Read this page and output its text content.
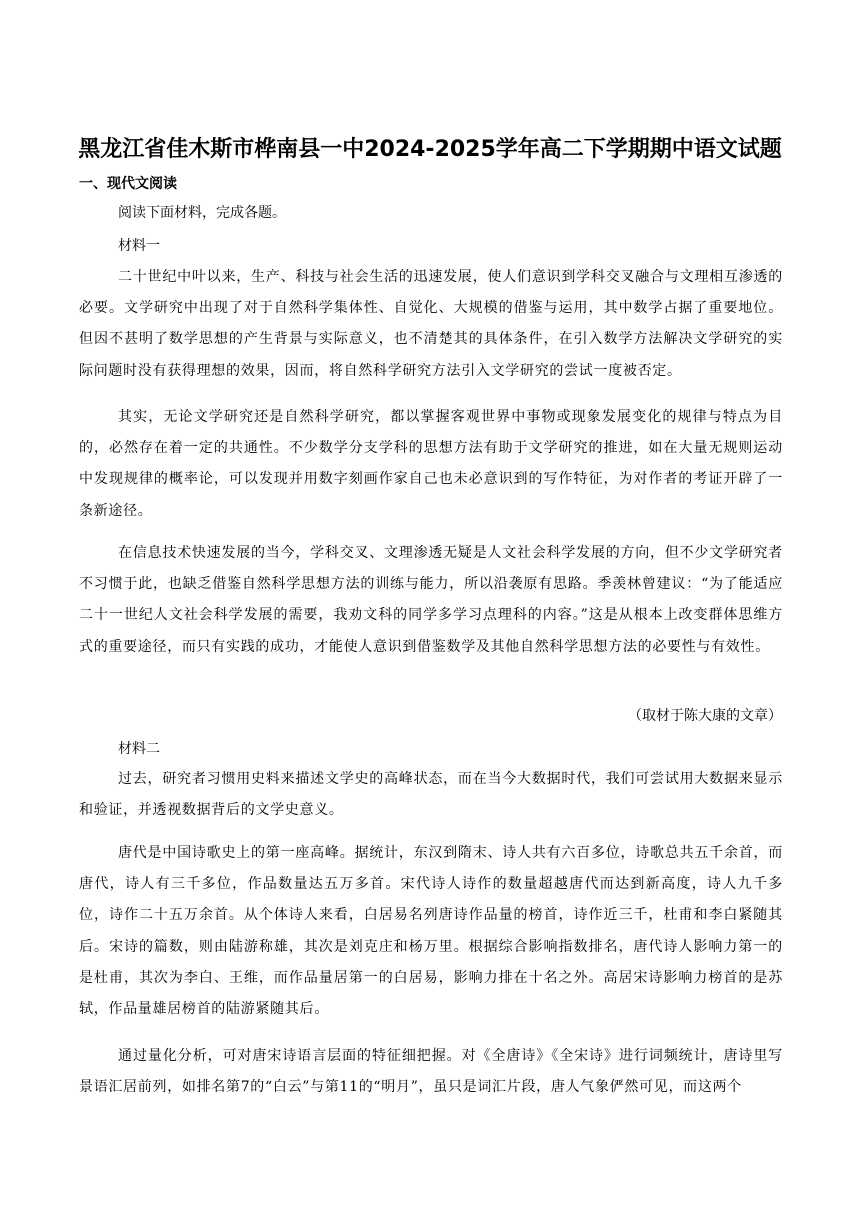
黑龙江省佳木斯市桦南县一中2024-2025学年高二下学期期中语文试题
一、现代文阅读
阅读下面材料，完成各题。
材料一
二十世纪中叶以来，生产、科技与社会生活的迅速发展，使人们意识到学科交叉融合与文理相互渗透的必要。文学研究中出现了对于自然科学集体性、自觉化、大规模的借鉴与运用，其中数学占据了重要地位。但因不甚明了数学思想的产生背景与实际意义，也不清楚其的具体条件，在引入数学方法解决文学研究的实际问题时没有获得理想的效果，因而，将自然科学研究方法引入文学研究的尝试一度被否定。
其实，无论文学研究还是自然科学研究，都以掌握客观世界中事物或现象发展变化的规律与特点为目的，必然存在着一定的共通性。不少数学分支学科的思想方法有助于文学研究的推进，如在大量无规则运动中发现规律的概率论，可以发现并用数字刻画作家自己也未必意识到的写作特征，为对作者的考证开辟了一条新途径。
在信息技术快速发展的当今，学科交叉、文理渗透无疑是人文社会科学发展的方向，但不少文学研究者不习惯于此，也缺乏借鉴自然科学思想方法的训练与能力，所以沿袭原有思路。季羡林曾建议：“为了能适应二十一世纪人文社会科学发展的需要，我劝文科的同学多学习点理科的内容。”这是从根本上改变群体思维方式的重要途径，而只有实践的成功，才能使人意识到借鉴数学及其他自然科学思想方法的必要性与有效性。
（取材于陈大康的文章）
材料二
过去，研究者习惯用史料来描述文学史的高峰状态，而在当今大数据时代，我们可尝试用大数据来显示和验证，并透视数据背后的文学史意义。
唐代是中国诗歌史上的第一座高峰。据统计，东汉到隋末、诗人共有六百多位，诗歌总共五千余首，而唐代，诗人有三千多位，作品数量达五万多首。宋代诗人诗作的数量超越唐代而达到新高度，诗人九千多位，诗作二十五万余首。从个体诗人来看，白居易名列唐诗作品量的榜首，诗作近三千，杜甫和李白紧随其后。宋诗的篇数，则由陆游称雄，其次是刘克庄和杨万里。根据综合影响指数排名，唐代诗人影响力第一的是杜甫，其次为李白、王维，而作品量居第一的白居易，影响力排在十名之外。高居宋诗影响力榜首的是苏轼，作品量雄居榜首的陆游紧随其后。
通过量化分析，可对唐宋诗语言层面的特征细把握。对《全唐诗》《全宋诗》进行词频统计，唐诗里写景语汇居前列，如排名第7的“白云”与第11的“明月”，虽只是词汇片段，唐人气象俨然可见，而这两个
